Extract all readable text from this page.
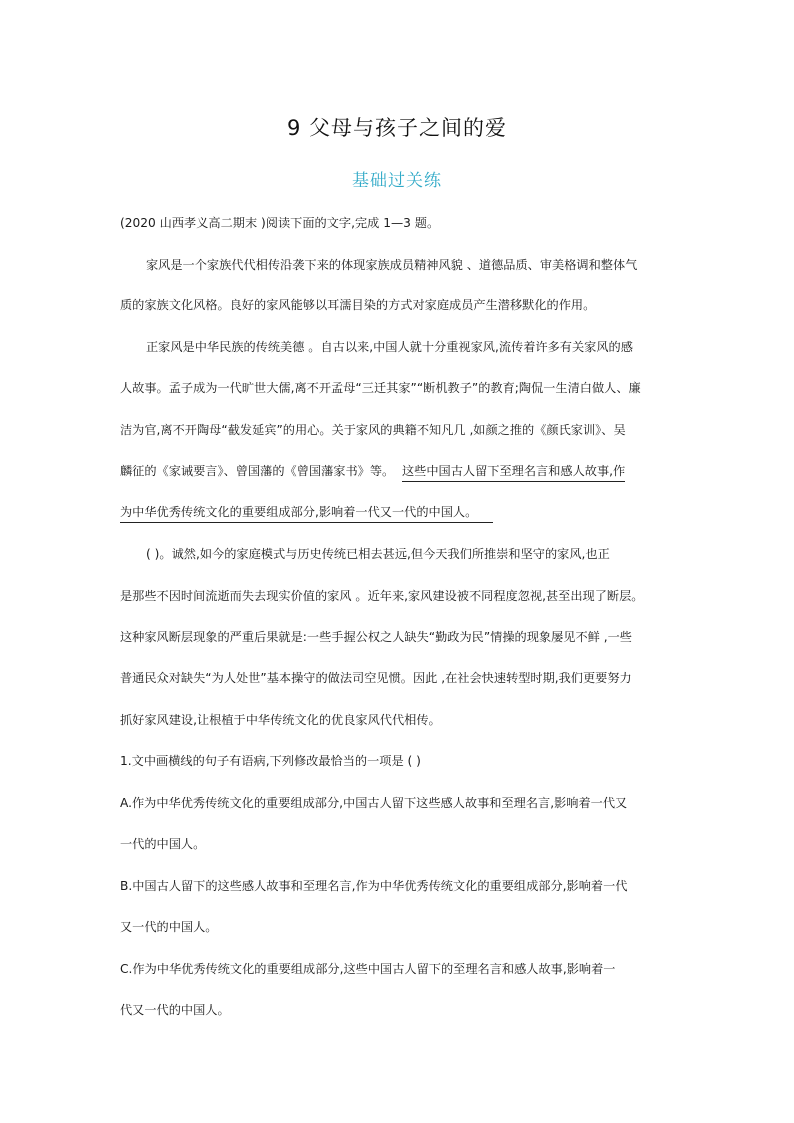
9 父母与孩子之间的爱
基础过关练
(2020 山西孝义高二期末 )阅读下面的文字,完成 1—3 题。
家风是一个家族代代相传沿袭下来的体现家族成员精神风貌 、道德品质、审美格调和整体气
质的家族文化风格。良好的家风能够以耳濡目染的方式对家庭成员产生潜移默化的作用。
正家风是中华民族的传统美德 。自古以来,中国人就十分重视家风,流传着许多有关家风的感
人故事。孟子成为一代旷世大儒,离不开孟母“三迁其家”“断机教子”的教育;陶侃一生清白做人、廉
洁为官,离不开陶母“截发延宾”的用心。关于家风的典籍不知凡几 ,如颜之推的《颜氏家训》、吴
麟征的《家诫要言》、曾国藩的《曾国藩家书》等。 这些中国古人留下至理名言和感人故事,作
为中华优秀传统文化的重要组成部分,影响着一代又一代的中国人。
( )。诚然,如今的家庭模式与历史传统已相去甚远,但今天我们所推崇和坚守的家风,也正
是那些不因时间流逝而失去现实价值的家风 。近年来,家风建设被不同程度忽视,甚至出现了断层。
这种家风断层现象的严重后果就是:一些手握公权之人缺失“勤政为民”情操的现象屡见不鲜 ,一些
普通民众对缺失“为人处世”基本操守的做法司空见惯。因此 ,在社会快速转型时期,我们更要努力
抓好家风建设,让根植于中华传统文化的优良家风代代相传。
1.文中画横线的句子有语病,下列修改最恰当的一项是 ( )
A.作为中华优秀传统文化的重要组成部分,中国古人留下这些感人故事和至理名言,影响着一代又
一代的中国人。
B.中国古人留下的这些感人故事和至理名言,作为中华优秀传统文化的重要组成部分,影响着一代
又一代的中国人。
C.作为中华优秀传统文化的重要组成部分,这些中国古人留下的至理名言和感人故事,影响着一
代又一代的中国人。
